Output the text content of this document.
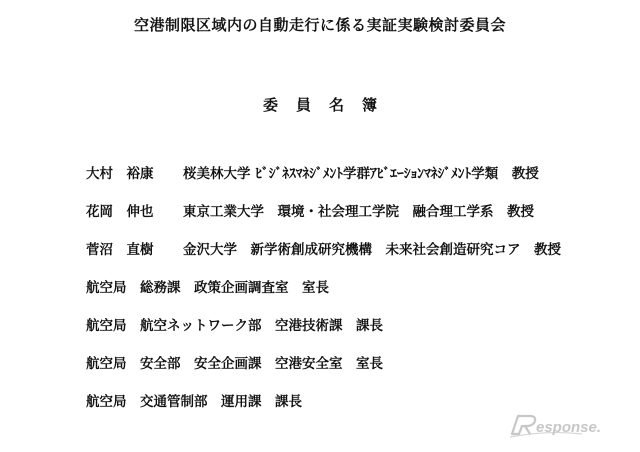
空港制限区域内の自動走行に係る実証実験検討委員会
委員名簿
大村　裕康 桜美林大学 ﾋﾞｼﾞﾈｽﾏﾈｼﾞﾒﾝﾄ学群ｱﾋﾞｴｰｼｮﾝﾏﾈｼﾞﾒﾝﾄ学類　教授
花岡　伸也 東京工業大学　環境・社会理工学院　融合理工学系　教授
菅沼　直樹 金沢大学　新学術創成研究機構　未来社会創造研究コア　教授
航空局　総務課　政策企画調査室　室長
航空局　航空ネットワーク部　空港技術課　課長
航空局　安全部　安全企画課　空港安全室　室長
航空局　交通管制部　運用課　課長
esponse.
